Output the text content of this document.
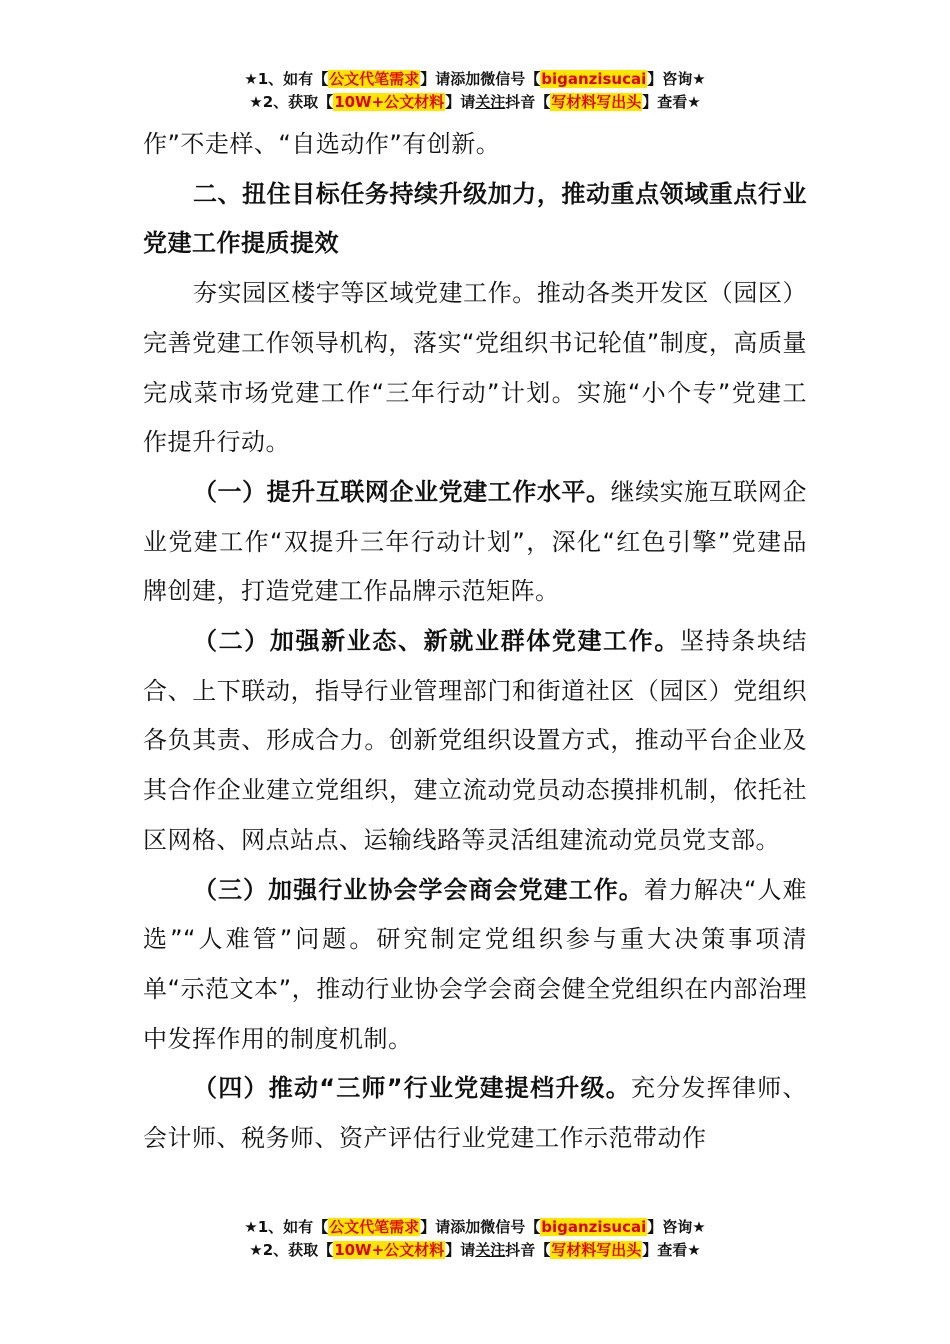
★1、如有【公文代笔需求】请添加微信号【biganzisucai】咨询★
★2、获取【10W+公文材料】请关注抖音【写材料写出头】查看★

作”不走样、“自选动作”有创新。

二、扭住目标任务持续升级加力，推动重点领域重点行业党建工作提质提效

夯实园区楼宇等区域党建工作。推动各类开发区（园区）完善党建工作领导机构，落实“党组织书记轮值”制度，高质量完成菜市场党建工作“三年行动”计划。实施“小个专”党建工作提升行动。

（一）提升互联网企业党建工作水平。继续实施互联网企业党建工作“双提升三年行动计划”，深化“红色引擎”党建品牌创建，打造党建工作品牌示范矩阵。

（二）加强新业态、新就业群体党建工作。坚持条块结合、上下联动，指导行业管理部门和街道社区（园区）党组织各负其责、形成合力。创新党组织设置方式，推动平台企业及其合作企业建立党组织，建立流动党员动态摸排机制，依托社区网格、网点站点、运输线路等灵活组建流动党员党支部。

（三）加强行业协会学会商会党建工作。着力解决“人难选”“人难管”问题。研究制定党组织参与重大决策事项清单“示范文本”，推动行业协会学会商会健全党组织在内部治理中发挥作用的制度机制。

（四）推动“三师”行业党建提档升级。充分发挥律师、会计师、税务师、资产评估行业党建工作示范带动作

★1、如有【公文代笔需求】请添加微信号【biganzisucai】咨询★
★2、获取【10W+公文材料】请关注抖音【写材料写出头】查看★
